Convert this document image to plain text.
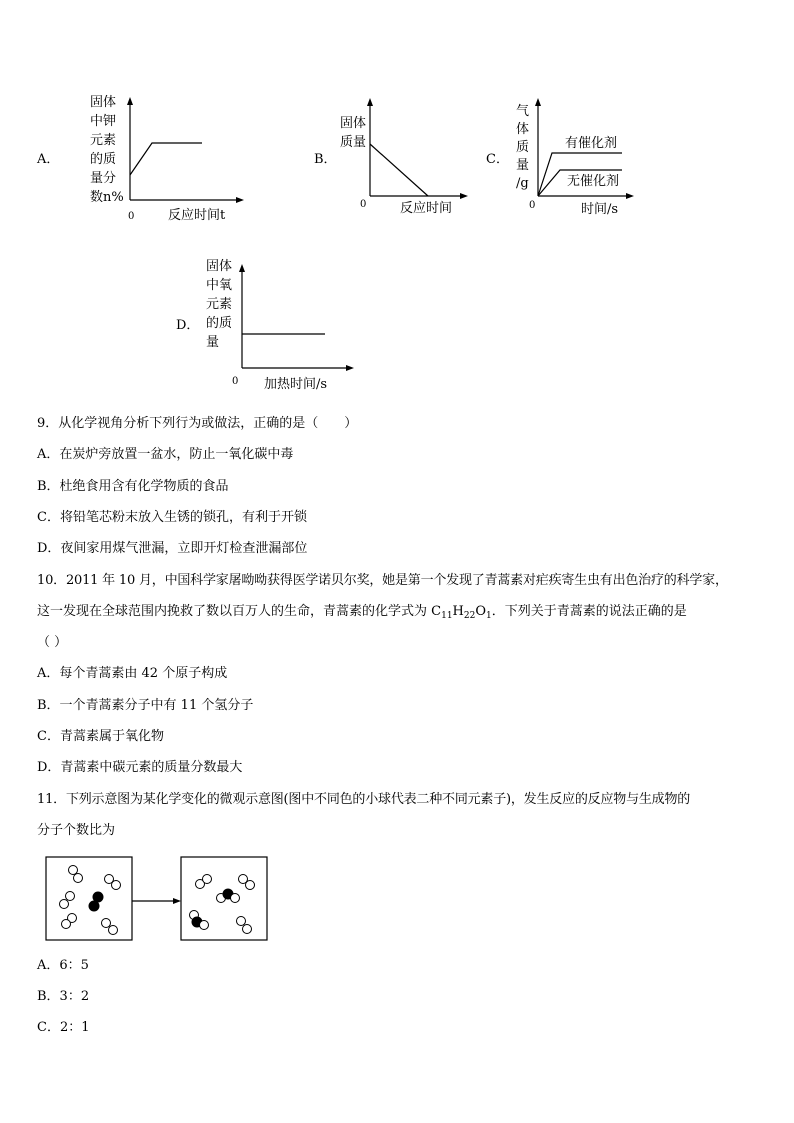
A．
固体
中钾
元素
的质
量分
数n%
0	反应时间t
B．
固体
质量
0	反应时间
C．
气
体
质
量
/g
有催化剂
无催化剂
0	时间/s
D．
固体
中氧
元素
的质
量
0 加热时间/s
9．从化学视角分析下列行为或做法，正确的是（　　）
A．在炭炉旁放置一盆水，防止一氧化碳中毒
B．杜绝食用含有化学物质的食品
C．将铅笔芯粉末放入生锈的锁孔，有利于开锁
D．夜间家用煤气泄漏，立即开灯检查泄漏部位
10．2011 年 10 月，中国科学家屠呦呦获得医学诺贝尔奖，她是第一个发现了青蒿素对疟疾寄生虫有出色治疗的科学家，
这一发现在全球范围内挽救了数以百万人的生命，青蒿素的化学式为 $C_{11}H_{22}O_1$．下列关于青蒿素的说法正确的是
（ ）
A．每个青蒿素由 42 个原子构成
B．一个青蒿素分子中有 11 个氢分子
C．青蒿素属于氧化物
D．青蒿素中碳元素的质量分数最大
11．下列示意图为某化学变化的微观示意图(图中不同色的小球代表二种不同元素子)，发生反应的反应物与生成物的
分子个数比为
A．6：5
B．3：2
C．2：1
